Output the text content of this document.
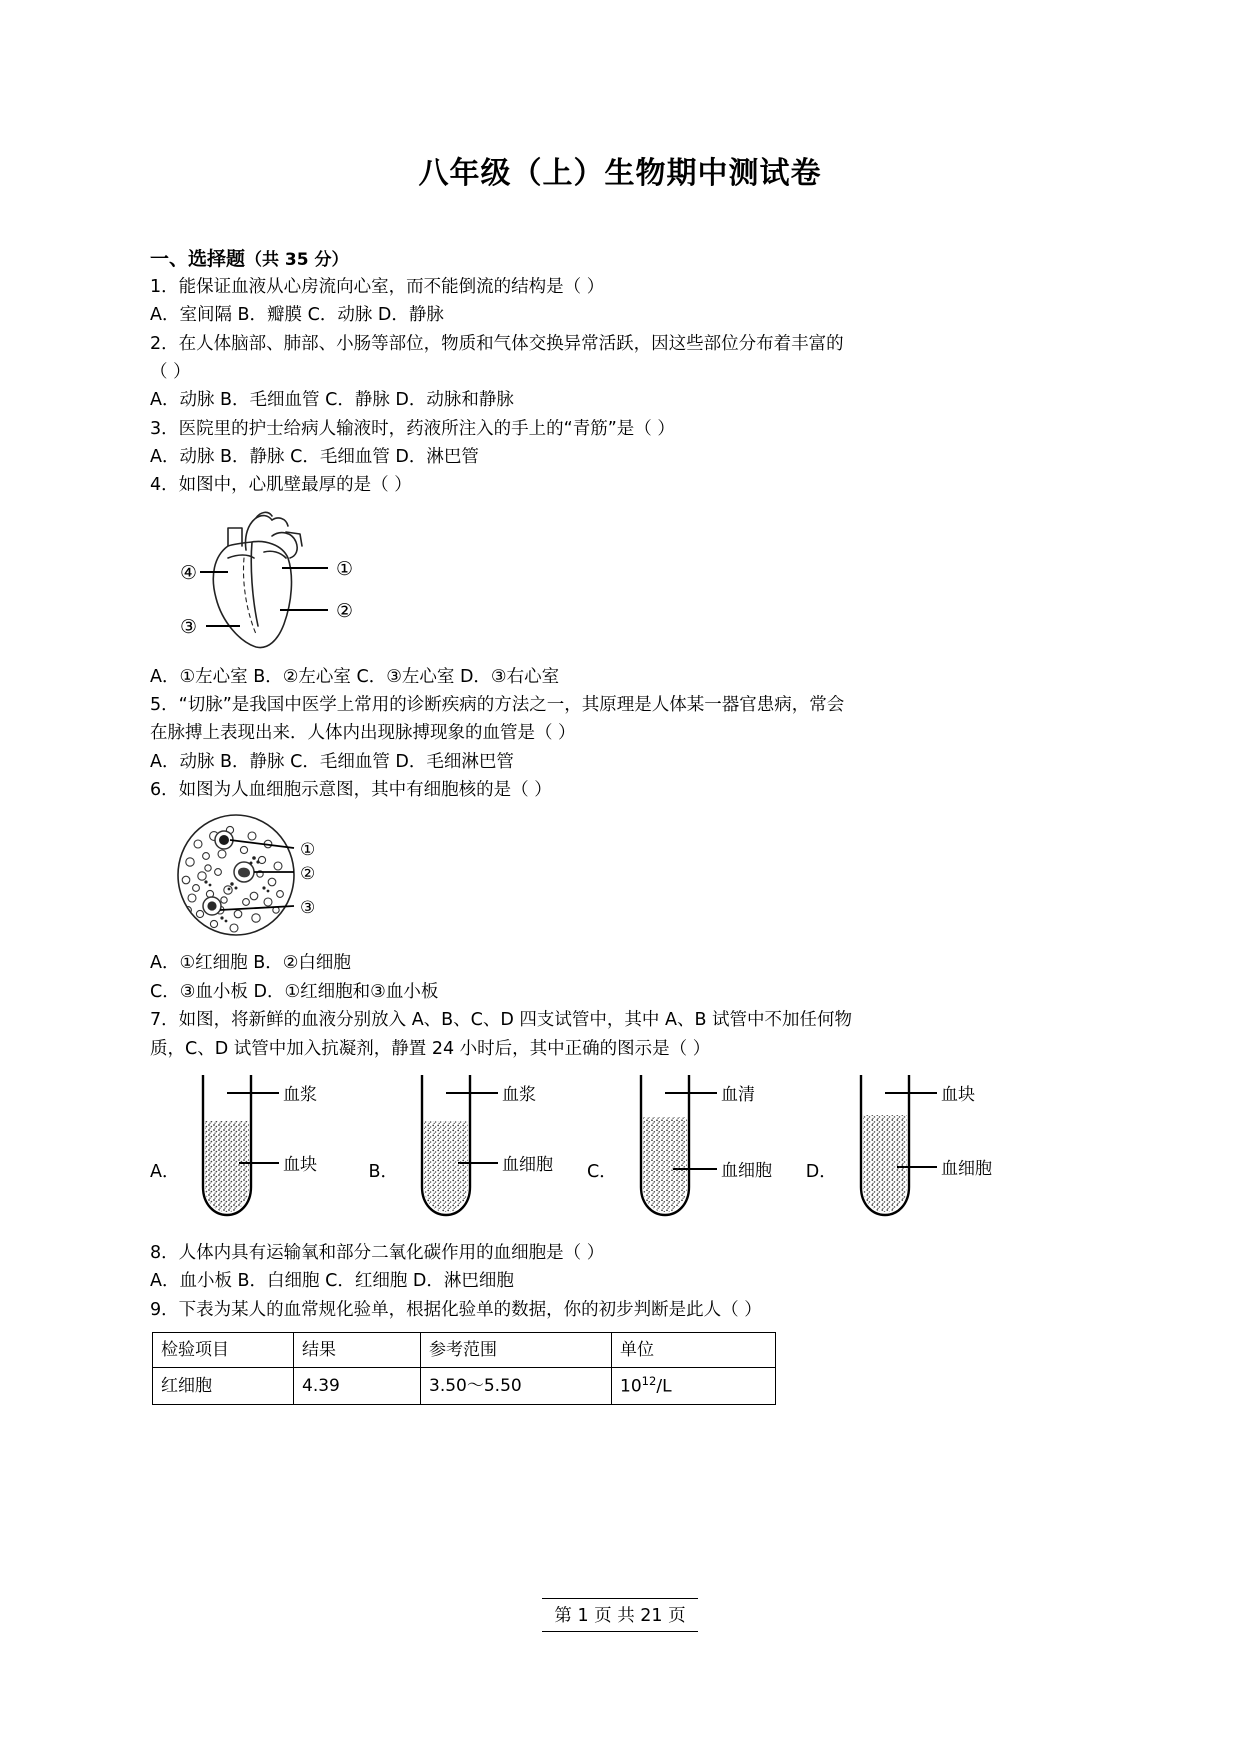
八年级（上）生物期中测试卷
一、选择题（共 35 分）
1．能保证血液从心房流向心室，而不能倒流的结构是（ ）
A．室间隔 B．瓣膜 C．动脉 D．静脉
2．在人体脑部、肺部、小肠等部位，物质和气体交换异常活跃，因这些部位分布着丰富的
（ ）
A．动脉 B．毛细血管 C．静脉 D．动脉和静脉
3．医院里的护士给病人输液时，药液所注入的手上的“青筋”是（ ）
A．动脉 B．静脉 C．毛细血管 D．淋巴管
4．如图中，心肌壁最厚的是（ ）
①
②
③
④
A．①左心室 B．②左心室 C．③左心室 D．③右心室
5．“切脉”是我国中医学上常用的诊断疾病的方法之一，其原理是人体某一器官患病，常会
在脉搏上表现出来．人体内出现脉搏现象的血管是（ ）
A．动脉 B．静脉 C．毛细血管 D．毛细淋巴管
6．如图为人血细胞示意图，其中有细胞核的是（ ）
①
②
③
A．①红细胞 B．②白细胞
C．③血小板 D．①红细胞和③血小板
7．如图，将新鲜的血液分别放入 A、B、C、D 四支试管中，其中 A、B 试管中不加任何物
质，C、D 试管中加入抗凝剂，静置 24 小时后，其中正确的图示是（ ）
A．
血浆
血块	B．
血浆
血细胞 C．
血清
血细胞 D．
血块
血细胞
8．人体内具有运输氧和部分二氧化碳作用的血细胞是（ ）
A．血小板 B．白细胞 C．红细胞 D．淋巴细胞
9．下表为某人的血常规化验单，根据化验单的数据，你的初步判断是此人（ ）
检验项目	结果	参考范围	单位
红细胞	4.39	3.50～5.50	$10^{12}/L$
第 1 页 共 21 页
